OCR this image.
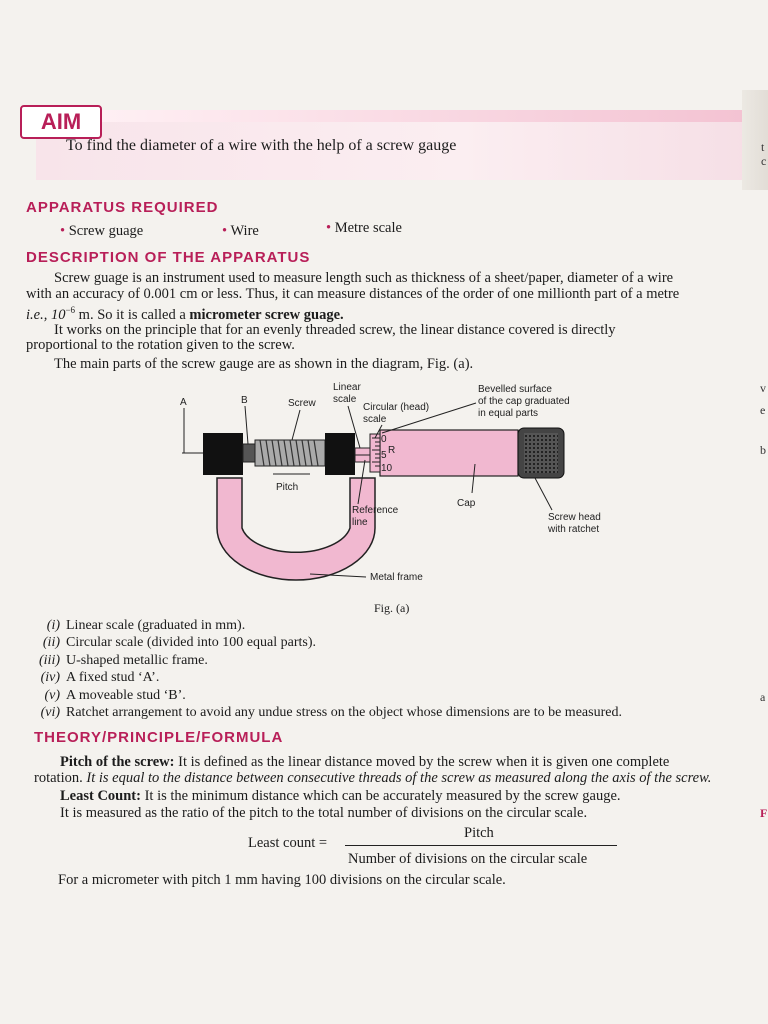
AIM
To find the diameter of a wire with the help of a screw gauge
APPARATUS REQUIRED
• Screw guage	• Wire	• Metre scale
DESCRIPTION OF THE APPARATUS
Screw guage is an instrument used to measure length such as thickness of a sheet/paper, diameter of a wire
with an accuracy of 0.001 cm or less. Thus, it can measure distances of the order of one millionth part of a metre
i.e., $10^{-6}$ m. So it is called a micrometer screw guage.
It works on the principle that for an evenly threaded screw, the linear distance covered is directly
proportional to the rotation given to the screw.
The main parts of the screw gauge are as shown in the diagram, Fig. (a).
0
5 R
10
A	B	Screw
Linear
scale
Circular (head)
scale
Bevelled surface
of the cap graduated
in equal parts
Pitch
Reference
line
Cap
Screw head
with ratchet
Metal frame
Fig. (a)
(i) Linear scale (graduated in mm).
(ii) Circular scale (divided into 100 equal parts).
(iii) U-shaped metallic frame.
(iv) A fixed stud ‘A’.
(v) A moveable stud ‘B’.
(vi) Ratchet arrangement to avoid any undue stress on the object whose dimensions are to be measured.
THEORY/PRINCIPLE/FORMULA
Pitch of the screw: It is defined as the linear distance moved by the screw when it is given one complete
rotation. It is equal to the distance between consecutive threads of the screw as measured along the axis of the screw.
Least Count: It is the minimum distance which can be accurately measured by the screw gauge.
It is measured as the ratio of the pitch to the total number of divisions on the circular scale.
Least count =
Pitch
Number of divisions on the circular scale
For a micrometer with pitch 1 mm having 100 divisions on the circular scale.
t
c
v
e
b
a
F
